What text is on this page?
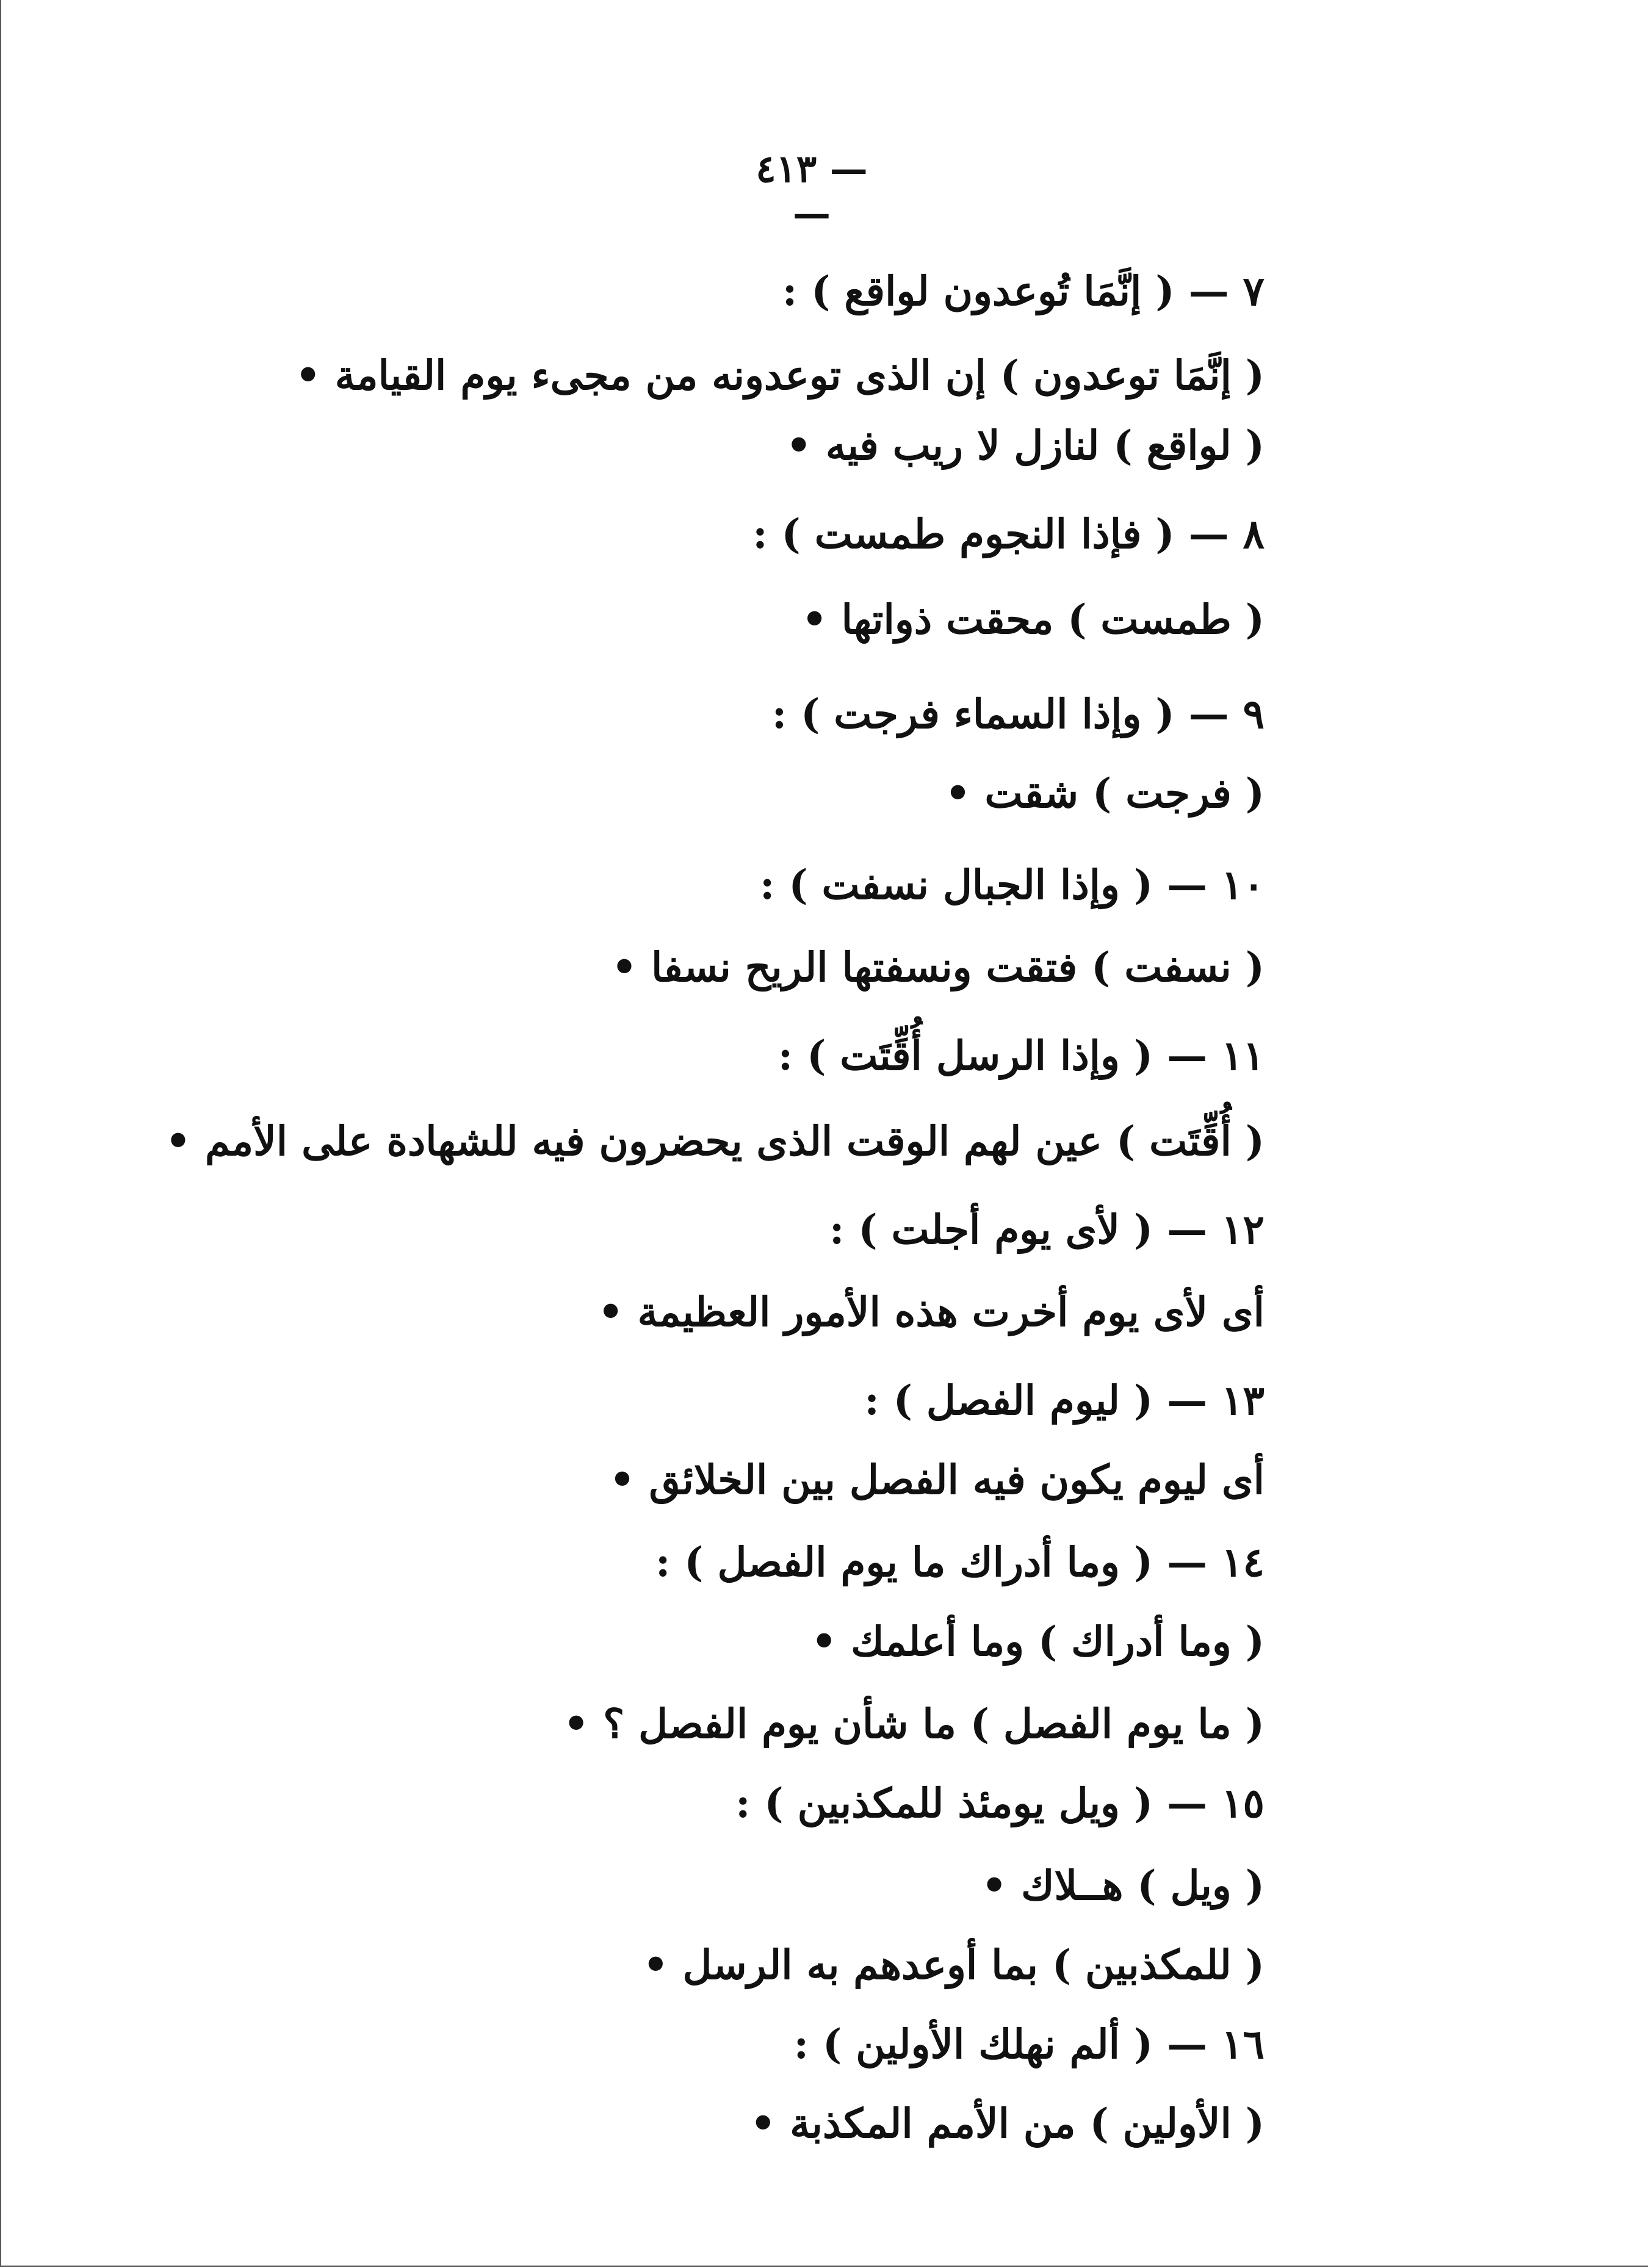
— ٤١٣ —
٧ — ( إنَّمَا تُوعدون لواقع ) :
( إنَّمَا توعدون ) إن الذى توعدونه من مجىء يوم القيامة •
( لواقع ) لنازل لا ريب فيه •
٨ — ( فإذا النجوم طمست ) :
( طمست ) محقت ذواتها •
٩ — ( وإذا السماء فرجت ) :
( فرجت ) شقت •
١٠ — ( وإذا الجبال نسفت ) :
( نسفت ) فتقت ونسفتها الريح نسفا •
١١ — ( وإذا الرسل أُقِّتَت ) :
( أُقِّتَت ) عين لهم الوقت الذى يحضرون فيه للشهادة على الأمم •
١٢ — ( لأى يوم أجلت ) :
أى لأى يوم أخرت هذه الأمور العظيمة •
١٣ — ( ليوم الفصل ) :
أى ليوم يكون فيه الفصل بين الخلائق •
١٤ — ( وما أدراك ما يوم الفصل ) :
( وما أدراك ) وما أعلمك •
( ما يوم الفصل ) ما شأن يوم الفصل ؟ •
١٥ — ( ويل يومئذ للمكذبين ) :
( ويل ) هــلاك •
( للمكذبين ) بما أوعدهم به الرسل •
١٦ — ( ألم نهلك الأولين ) :
( الأولين ) من الأمم المكذبة •
